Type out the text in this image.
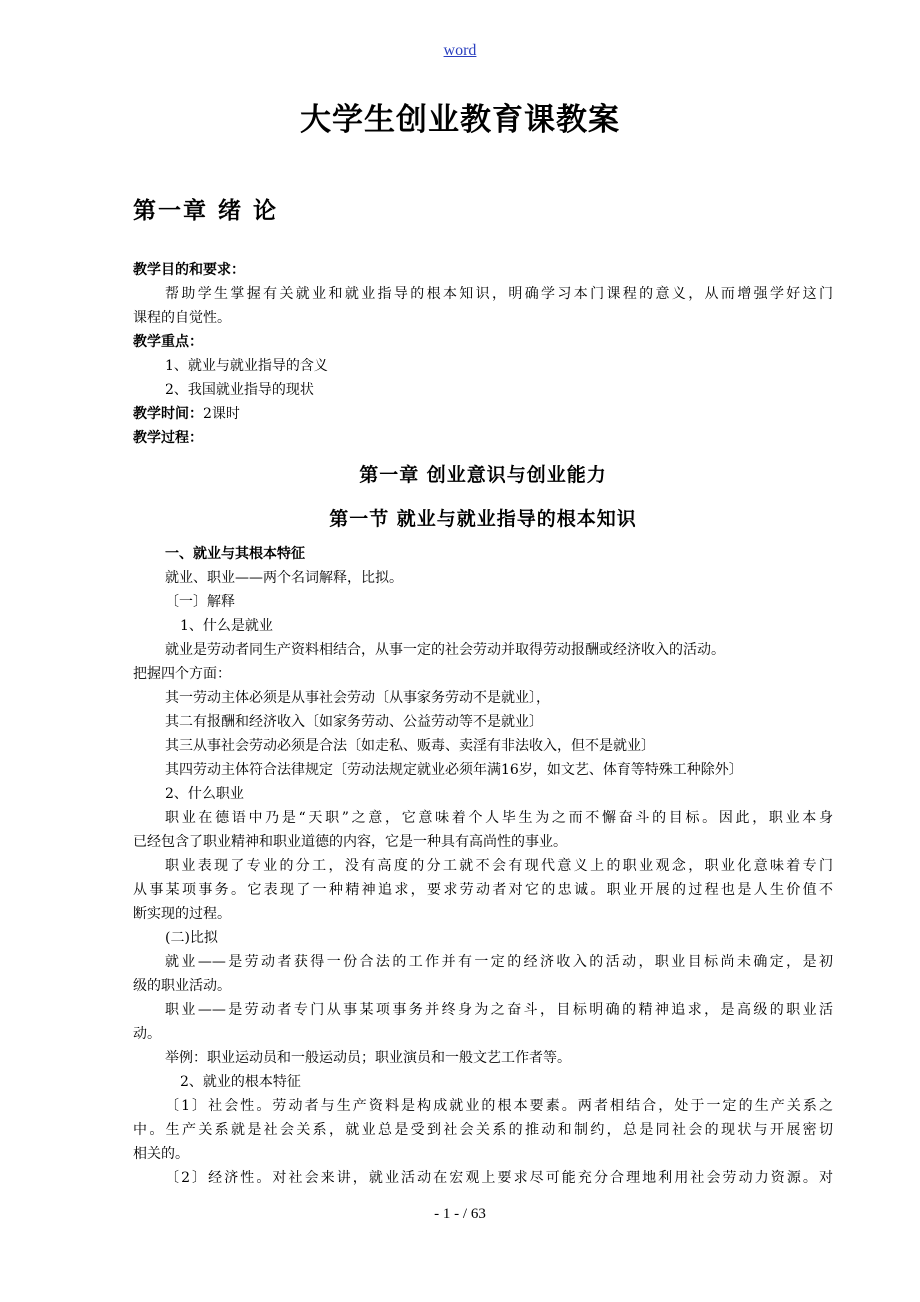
word
大学生创业教育课教案
第一章 绪 论
教学目的和要求：
帮助学生掌握有关就业和就业指导的根本知识，明确学习本门课程的意义，从而增强学好这门
课程的自觉性。
教学重点：
1、就业与就业指导的含义
2、我国就业指导的现状
教学时间：2课时
教学过程：
第一章 创业意识与创业能力
第一节 就业与就业指导的根本知识
一、就业与其根本特征
就业、职业——两个名词解释，比拟。
〔一〕解释
1、什么是就业
就业是劳动者同生产资料相结合，从事一定的社会劳动并取得劳动报酬或经济收入的活动。
把握四个方面：
其一劳动主体必须是从事社会劳动〔从事家务劳动不是就业〕，
其二有报酬和经济收入〔如家务劳动、公益劳动等不是就业〕
其三从事社会劳动必须是合法〔如走私、贩毒、卖淫有非法收入，但不是就业〕
其四劳动主体符合法律规定〔劳动法规定就业必须年满16岁，如文艺、体育等特殊工种除外〕
2、什么职业
职业在德语中乃是“天职”之意，它意味着个人毕生为之而不懈奋斗的目标。因此，职业本身
已经包含了职业精神和职业道德的内容，它是一种具有高尚性的事业。
职业表现了专业的分工，没有高度的分工就不会有现代意义上的职业观念，职业化意味着专门
从事某项事务。它表现了一种精神追求，要求劳动者对它的忠诚。职业开展的过程也是人生价值不
断实现的过程。
(二)比拟
就业——是劳动者获得一份合法的工作并有一定的经济收入的活动，职业目标尚未确定，是初
级的职业活动。
职业——是劳动者专门从事某项事务并终身为之奋斗，目标明确的精神追求，是高级的职业活
动。
举例：职业运动员和一般运动员；职业演员和一般文艺工作者等。
2、就业的根本特征
〔1〕社会性。劳动者与生产资料是构成就业的根本要素。两者相结合，处于一定的生产关系之
中。生产关系就是社会关系，就业总是受到社会关系的推动和制约，总是同社会的现状与开展密切
相关的。
〔2〕经济性。对社会来讲，就业活动在宏观上要求尽可能充分合理地利用社会劳动力资源。对
- 1 - / 63
